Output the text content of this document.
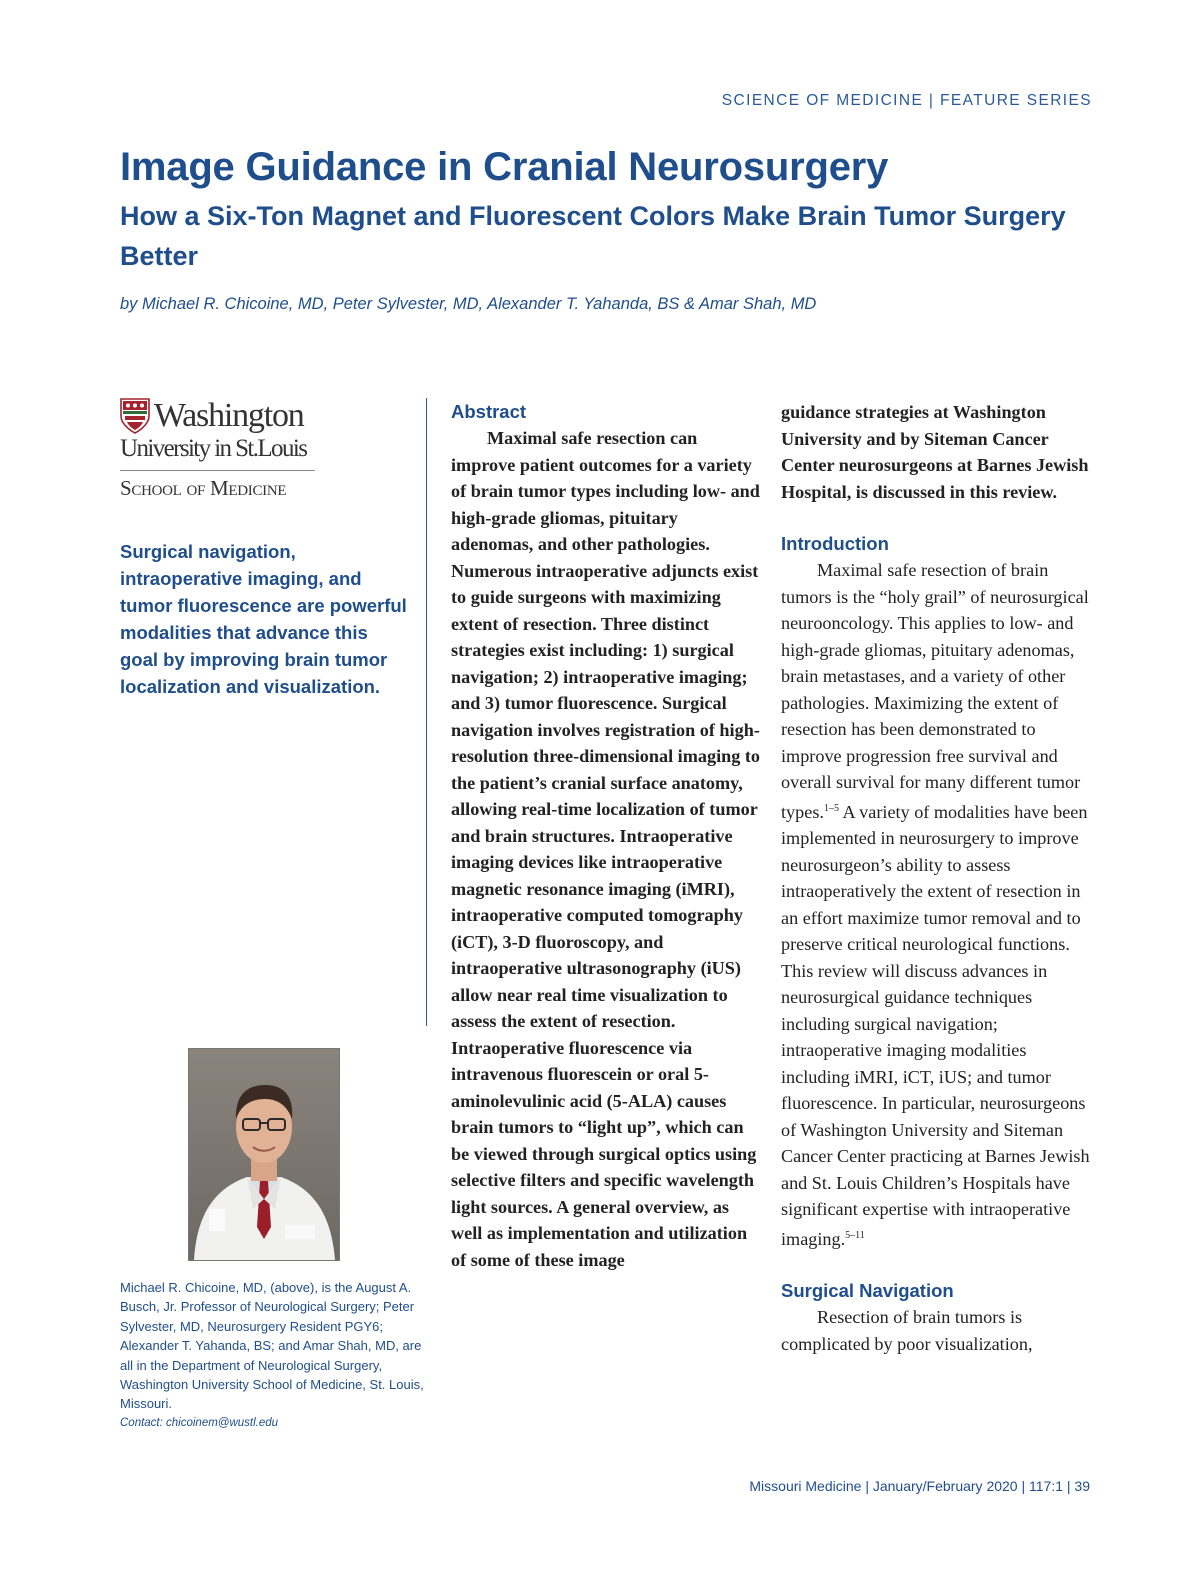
SCIENCE OF MEDICINE | FEATURE SERIES
Image Guidance in Cranial Neurosurgery
How a Six-Ton Magnet and Fluorescent Colors Make Brain Tumor Surgery Better
by Michael R. Chicoine, MD, Peter Sylvester, MD, Alexander T. Yahanda, BS & Amar Shah, MD
Washington
University in St.Louis
School of Medicine
Surgical navigation, intraoperative imaging, and tumor fluorescence are powerful modalities that advance this goal by improving brain tumor localization and visualization.
Michael R. Chicoine, MD, (above), is the August A. Busch, Jr. Professor of Neurological Surgery; Peter Sylvester, MD, Neurosurgery Resident PGY6; Alexander T. Yahanda, BS; and Amar Shah, MD, are all in the Department of Neurological Surgery, Washington University School of Medicine, St. Louis, Missouri.
Contact: chicoinem@wustl.edu
Abstract

Maximal safe resection can improve patient outcomes for a variety of brain tumor types including low- and high-grade gliomas, pituitary adenomas, and other pathologies. Numerous intraoperative adjuncts exist to guide surgeons with maximizing extent of resection. Three distinct strategies exist including: 1) surgical navigation; 2) intraoperative imaging; and 3) tumor fluorescence. Surgical navigation involves registration of high-resolution three-dimensional imaging to the patient’s cranial surface anatomy, allowing real-time localization of tumor and brain structures. Intraoperative imaging devices like intraoperative magnetic resonance imaging (iMRI), intraoperative computed tomography (iCT), 3-D fluoroscopy, and intraoperative ultrasonography (iUS) allow near real time visualization to assess the extent of resection. Intraoperative fluorescence via intravenous fluorescein or oral 5-aminolevulinic acid (5-ALA) causes brain tumors to “light up”, which can be viewed through surgical optics using selective filters and specific wavelength light sources. A general overview, as well as implementation and utilization of some of these image

guidance strategies at Washington University and by Siteman Cancer Center neurosurgeons at Barnes Jewish Hospital, is discussed in this review.

Introduction

Maximal safe resection of brain tumors is the “holy grail” of neurosurgical neurooncology. This applies to low- and high-grade gliomas, pituitary adenomas, brain metastases, and a variety of other pathologies. Maximizing the extent of resection has been demonstrated to improve progression free survival and overall survival for many different tumor types.$^{1-5}$ A variety of modalities have been implemented in neurosurgery to improve neurosurgeon’s ability to assess intraoperatively the extent of resection in an effort maximize tumor removal and to preserve critical neurological functions. This review will discuss advances in neurosurgical guidance techniques including surgical navigation; intraoperative imaging modalities including iMRI, iCT, iUS; and tumor fluorescence. In particular, neurosurgeons of Washington University and Siteman Cancer Center practicing at Barnes Jewish and St. Louis Children’s Hospitals have significant expertise with intraoperative imaging.$^{5-11}$

Surgical Navigation

Resection of brain tumors is complicated by poor visualization,

Missouri Medicine | January/February 2020 | 117:1 | 39
